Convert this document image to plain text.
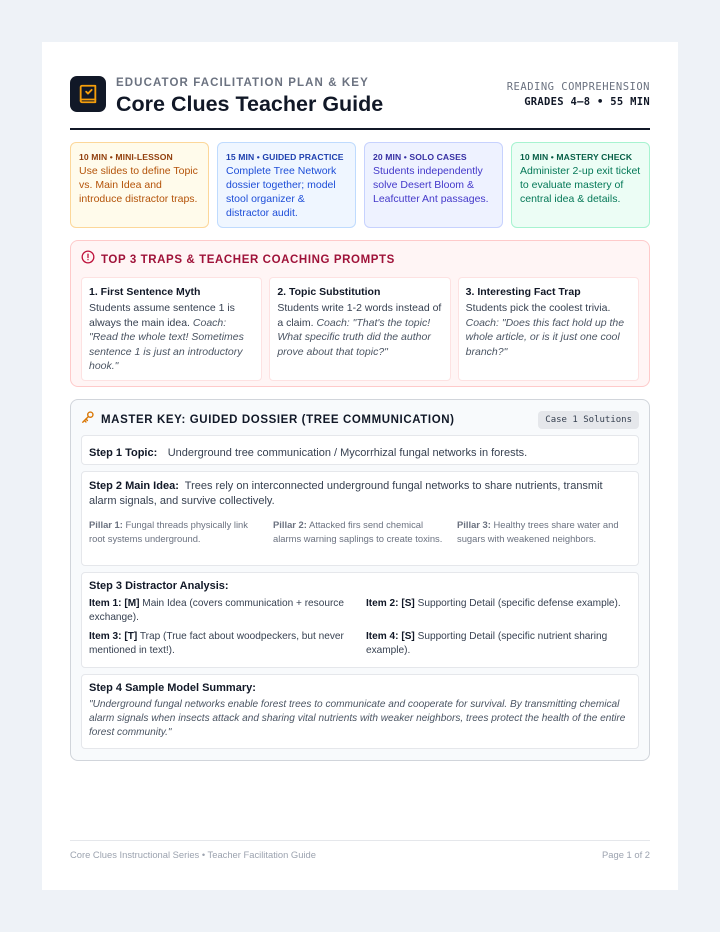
EDUCATOR FACILITATION PLAN & KEY
Core Clues Teacher Guide
READING COMPREHENSION
GRADES 4–8 • 55 MIN
10 MIN • MINI-LESSON
Use slides to define Topic vs. Main Idea and introduce distractor traps.
15 MIN • GUIDED PRACTICE
Complete Tree Network dossier together; model stool organizer & distractor audit.
20 MIN • SOLO CASES
Students independently solve Desert Bloom & Leafcutter Ant passages.
10 MIN • MASTERY CHECK
Administer 2-up exit ticket to evaluate mastery of central idea & details.
TOP 3 TRAPS & TEACHER COACHING PROMPTS
1. First Sentence Myth
Students assume sentence 1 is always the main idea. Coach: "Read the whole text! Sometimes sentence 1 is just an introductory hook."
2. Topic Substitution
Students write 1-2 words instead of a claim. Coach: "That's the topic! What specific truth did the author prove about that topic?"
3. Interesting Fact Trap
Students pick the coolest trivia. Coach: "Does this fact hold up the whole article, or is it just one cool branch?"
MASTER KEY: GUIDED DOSSIER (TREE COMMUNICATION)	Case 1 Solutions
Step 1 Topic: Underground tree communication / Mycorrhizal fungal networks in forests.
Step 2 Main Idea: Trees rely on interconnected underground fungal networks to share nutrients, transmit alarm signals, and survive collectively.
Pillar 1: Fungal threads physically link root systems underground.
Pillar 2: Attacked firs send chemical alarms warning saplings to create toxins.
Pillar 3: Healthy trees share water and sugars with weakened neighbors.
Step 3 Distractor Analysis:
Item 1: [M] Main Idea (covers communication + resource exchange).
Item 2: [S] Supporting Detail (specific defense example).
Item 3: [T] Trap (True fact about woodpeckers, but never mentioned in text!).
Item 4: [S] Supporting Detail (specific nutrient sharing example).
Step 4 Sample Model Summary:
"Underground fungal networks enable forest trees to communicate and cooperate for survival. By transmitting chemical alarm signals when insects attack and sharing vital nutrients with weaker neighbors, trees protect the health of the entire forest community."
Core Clues Instructional Series • Teacher Facilitation Guide	Page 1 of 2
